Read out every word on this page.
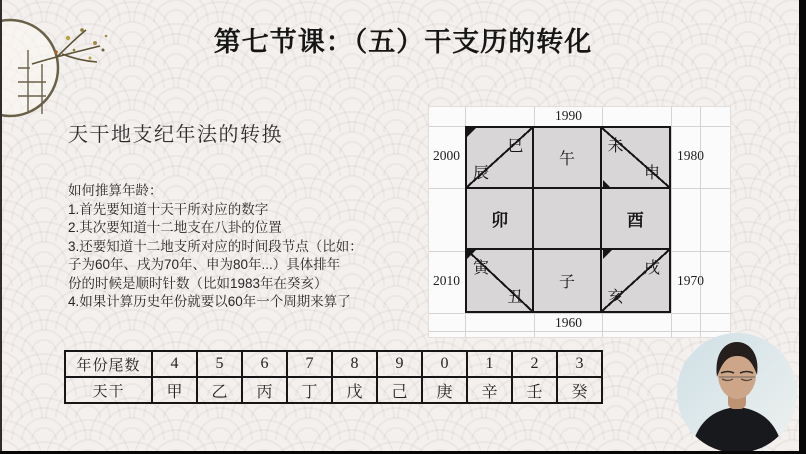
第七节课：（五）干支历的转化
天干地支纪年法的转换
如何推算年龄：
1.首先要知道十天干所对应的数字
2.其次要知道十二地支在八卦的位置
3.还要知道十二地支所对应的时间段节点（比如：
子为60年、戌为70年、申为80年...）具体排年
份的时候是顺时针数（比如1983年在癸亥）
4.如果计算历史年份就要以60年一个周期来算了
1990
1960
2000
2010
1980
1970
辰
巳
午
未
申
卯	酉
寅
丑
子
戌
亥
年份尾数	4	5	6	7	8	9	0	1	2	3
天干	甲	乙	丙	丁	戊	己	庚	辛	壬	癸
